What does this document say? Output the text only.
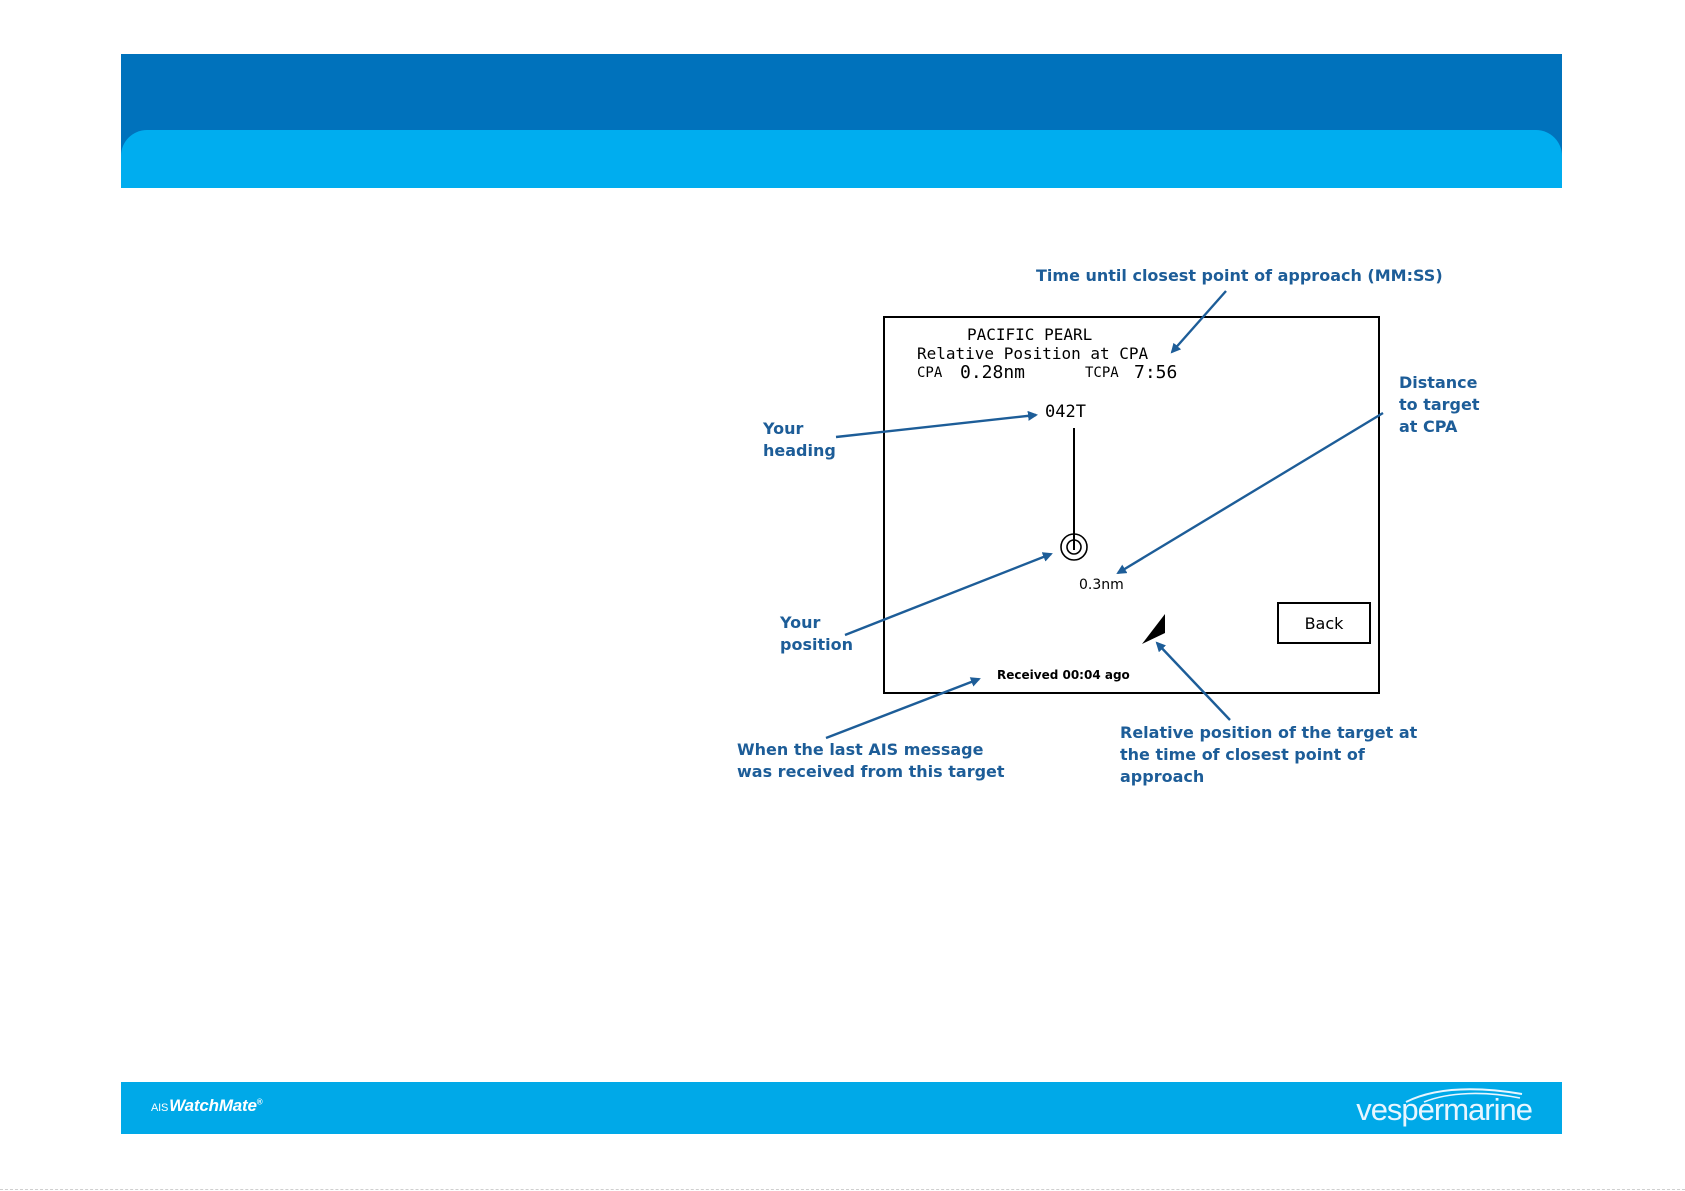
PACIFIC PEARL
Relative Position at CPA
CPA 0.28nm	TCPA 7:56
042T
0.3nm
Received 00:04 ago
Back
Time until closest point of approach (MM:SS)
Your
heading
Distance
to target
at CPA
Your
position
When the last AIS message
was received from this target
Relative position of the target at
the time of closest point of
approach
AISWatchMate®	vespermarine
